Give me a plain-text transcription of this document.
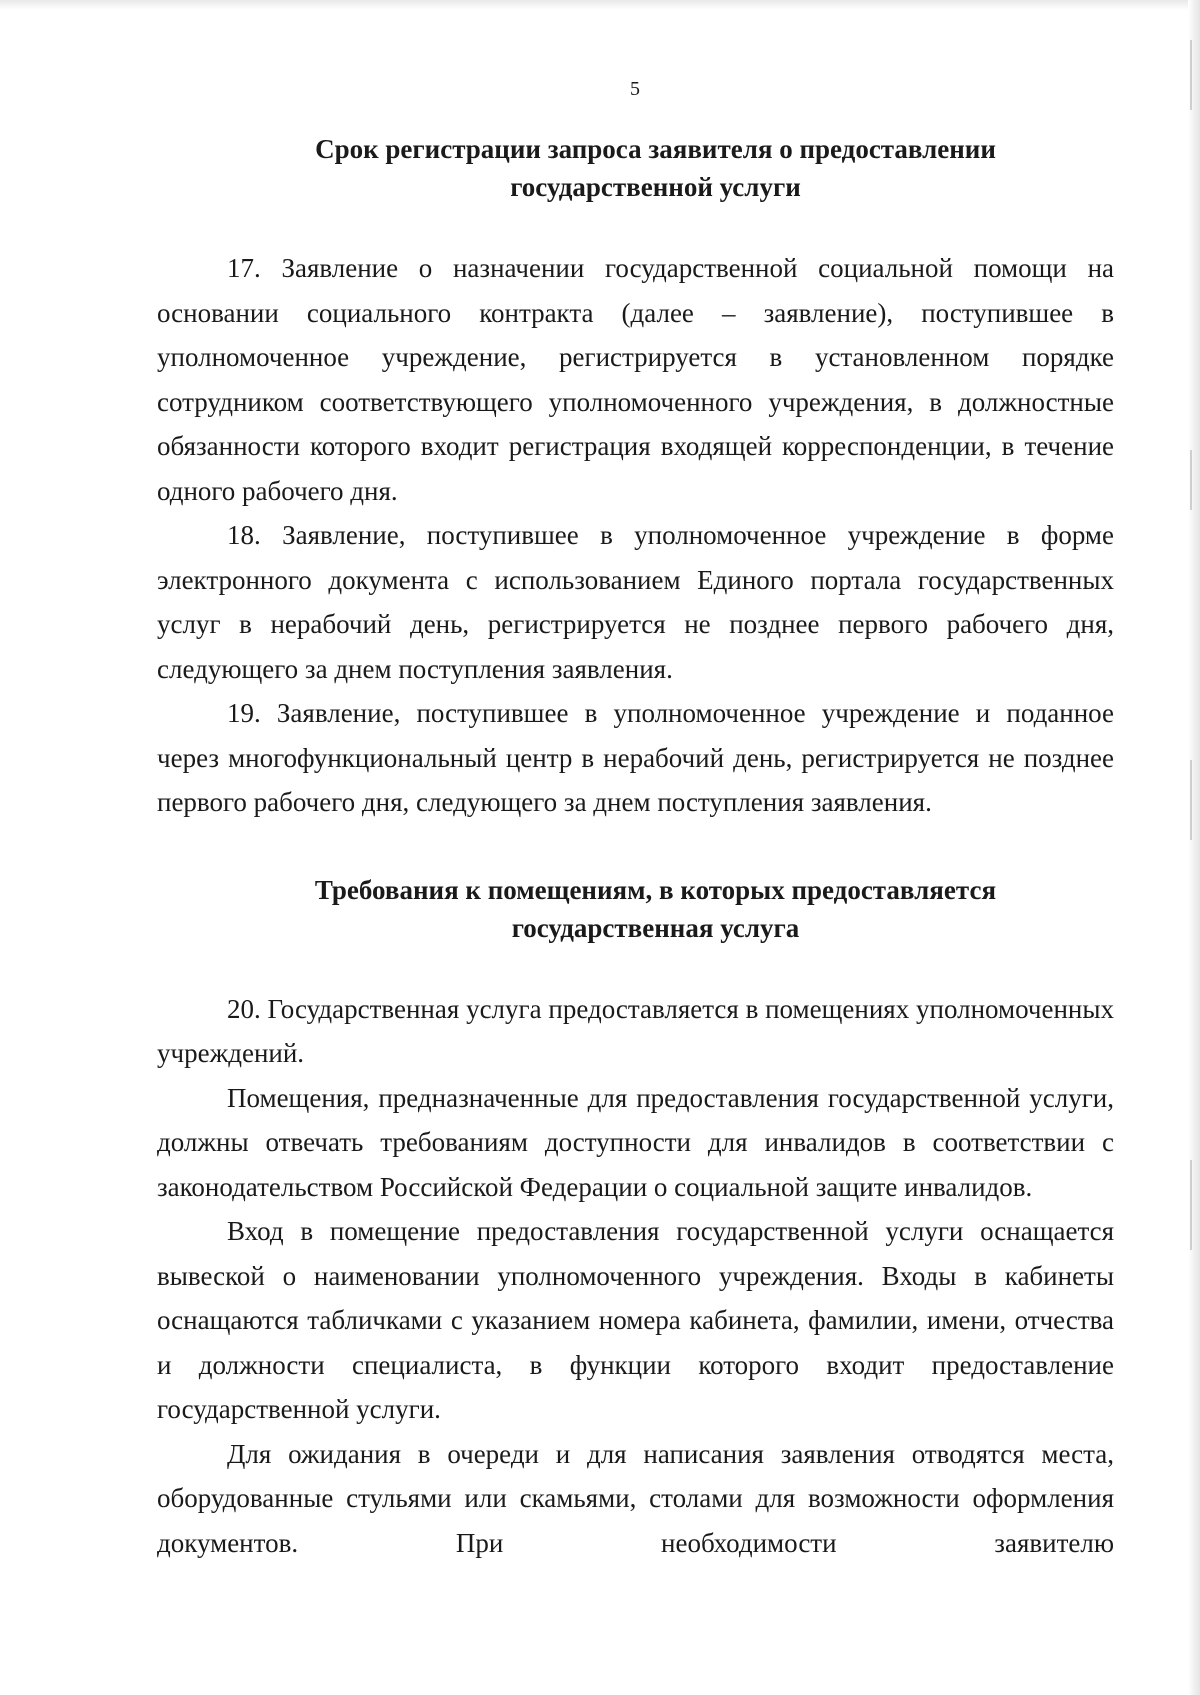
5
Срок регистрации запроса заявителя о предоставлении
государственной услуги

17. Заявление о назначении государственной социальной помощи на основании социального контракта (далее – заявление), поступившее в уполномоченное учреждение, регистрируется в установленном порядке сотрудником соответствующего уполномоченного учреждения, в должностные обязанности которого входит регистрация входящей корреспонденции, в течение одного рабочего дня.

18. Заявление, поступившее в уполномоченное учреждение в форме электронного документа с использованием Единого портала государственных услуг в нерабочий день, регистрируется не позднее первого рабочего дня, следующего за днем поступления заявления.

19. Заявление, поступившее в уполномоченное учреждение и поданное через многофункциональный центр в нерабочий день, регистрируется не позднее первого рабочего дня, следующего за днем поступления заявления.

Требования к помещениям, в которых предоставляется
государственная услуга

20. Государственная услуга предоставляется в помещениях уполномоченных учреждений.

Помещения, предназначенные для предоставления государственной услуги, должны отвечать требованиям доступности для инвалидов в соответствии с законодательством Российской Федерации о социальной защите инвалидов.

Вход в помещение предоставления государственной услуги оснащается вывеской о наименовании уполномоченного учреждения. Входы в кабинеты оснащаются табличками с указанием номера кабинета, фамилии, имени, отчества и должности специалиста, в функции которого входит предоставление государственной услуги.

Для ожидания в очереди и для написания заявления отводятся места, оборудованные стульями или скамьями, столами для возможности оформления документов. При необходимости заявителю
